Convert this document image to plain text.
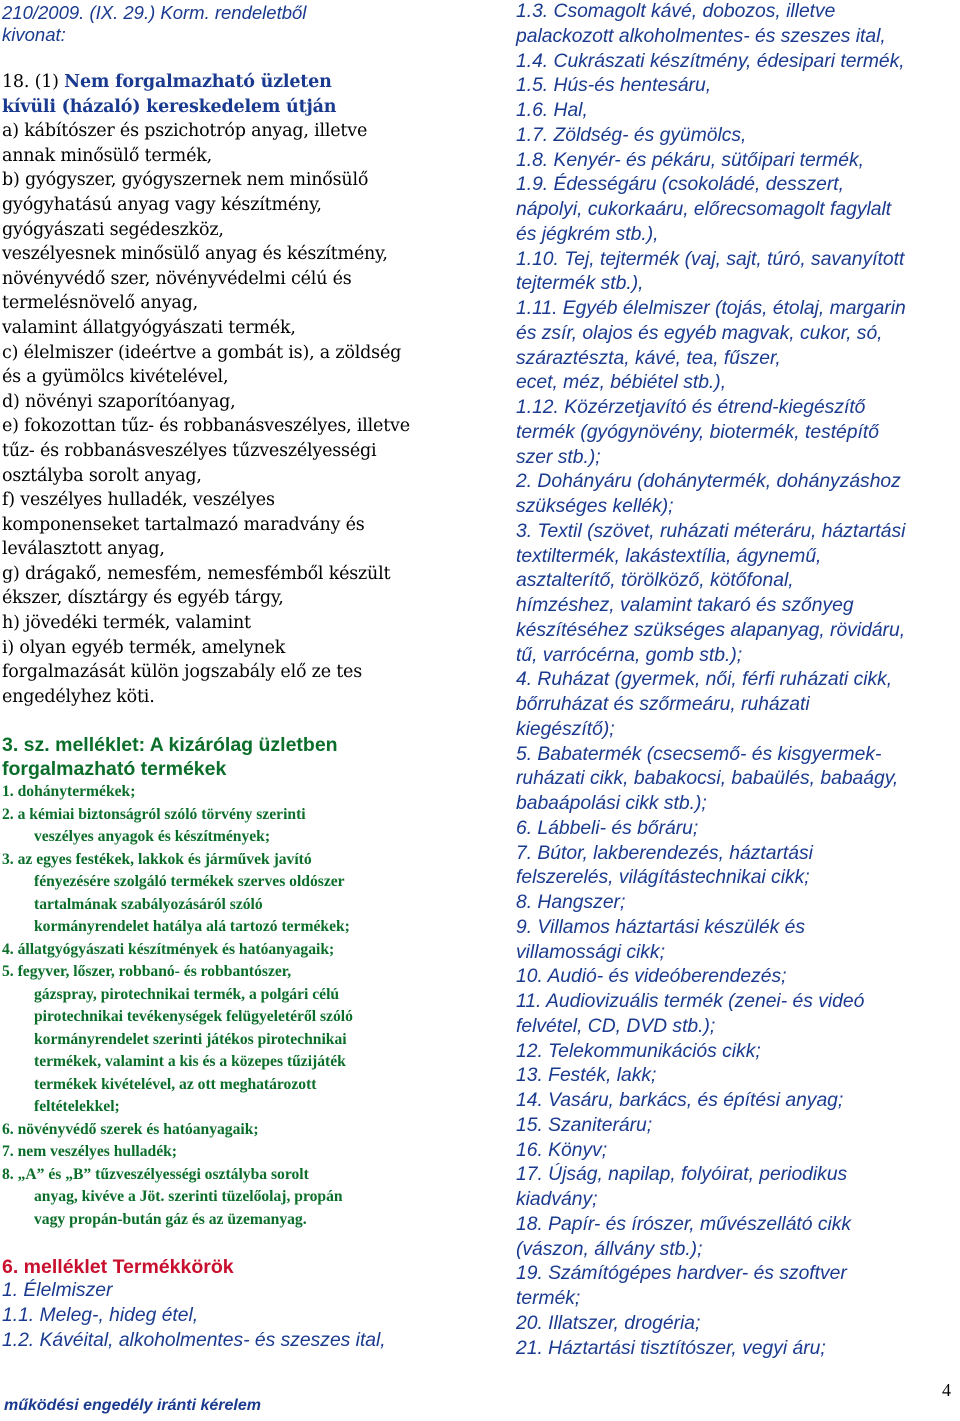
210/2009. (IX. 29.) Korm. rendeletből

kivonat:

18. (1) Nem forgalmazható üzleten
kívüli (házaló) kereskedelem útján
a) kábítószer és pszichotróp anyag, illetve
annak minősülő termék,
b) gyógyszer, gyógyszernek nem minősülő
gyógyhatású anyag vagy készítmény,
gyógyászati segédeszköz,
veszélyesnek minősülő anyag és készítmény,
növényvédő szer, növényvédelmi célú és
termelésnövelő anyag,
valamint állatgyógyászati termék,
c) élelmiszer (ideértve a gombát is), a zöldség
és a gyümölcs kivételével,
d) növényi szaporítóanyag,
e) fokozottan tűz- és robbanásveszélyes, illetve
tűz- és robbanásveszélyes tűzveszélyességi
osztályba sorolt anyag,
f) veszélyes hulladék, veszélyes
komponenseket tartalmazó maradvány és
leválasztott anyag,
g) drágakő, nemesfém, nemesfémből készült
ékszer, dísztárgy és egyéb tárgy,
h) jövedéki termék, valamint
i) olyan egyéb termék, amelynek
forgalmazását külön jogszabály elő ze tes
engedélyhez köti.

3. sz. melléklet: A kizárólag üzletben

forgalmazható termékek

1. dohánytermékek;
2. a kémiai biztonságról szóló törvény szerinti
veszélyes anyagok és készítmények;
3. az egyes festékek, lakkok és járművek javító
fényezésére szolgáló termékek szerves oldószer
tartalmának szabályozásáról szóló
kormányrendelet hatálya alá tartozó termékek;
4. állatgyógyászati készítmények és hatóanyagaik;
5. fegyver, lőszer, robbanó- és robbantószer,
gázspray, pirotechnikai termék, a polgári célú
pirotechnikai tevékenységek felügyeletéről szóló
kormányrendelet szerinti játékos pirotechnikai
termékek, valamint a kis és a közepes tűzijáték
termékek kivételével, az ott meghatározott
feltételekkel;
6. növényvédő szerek és hatóanyagaik;
7. nem veszélyes hulladék;
8. „A” és „B” tűzveszélyességi osztályba sorolt
anyag, kivéve a Jöt. szerinti tüzelőolaj, propán
vagy propán-bután gáz és az üzemanyag.

6. melléklet Termékkörök

1. Élelmiszer
1.1. Meleg-, hideg étel,
1.2. Kávéital, alkoholmentes- és szeszes ital,
1.3. Csomagolt kávé, dobozos, illetve
palackozott alkoholmentes- és szeszes ital,
1.4. Cukrászati készítmény, édesipari termék,
1.5. Hús-és hentesáru,
1.6. Hal,
1.7. Zöldség- és gyümölcs,
1.8. Kenyér- és pékáru, sütőipari termék,
1.9. Édességáru (csokoládé, desszert,
nápolyi, cukorkaáru, előrecsomagolt fagylalt
és jégkrém stb.),
1.10. Tej, tejtermék (vaj, sajt, túró, savanyított
tejtermék stb.),
1.11. Egyéb élelmiszer (tojás, étolaj, margarin
és zsír, olajos és egyéb magvak, cukor, só,
száraztészta, kávé, tea, fűszer,
ecet, méz, bébiétel stb.),
1.12. Közérzetjavító és étrend-kiegészítő
termék (gyógynövény, biotermék, testépítő
szer stb.);
2. Dohányáru (dohánytermék, dohányzáshoz
szükséges kellék);
3. Textil (szövet, ruházati méteráru, háztartási
textiltermék, lakástextília, ágynemű,
asztalterítő, törölköző, kötőfonal,
hímzéshez, valamint takaró és szőnyeg
készítéséhez szükséges alapanyag, rövidáru,
tű, varrócérna, gomb stb.);
4. Ruházat (gyermek, női, férfi ruházati cikk,
bőrruházat és szőrmeáru, ruházati
kiegészítő);
5. Babatermék (csecsemő- és kisgyermek-
ruházati cikk, babakocsi, babaülés, babaágy,
babaápolási cikk stb.);
6. Lábbeli- és bőráru;
7. Bútor, lakberendezés, háztartási
felszerelés, világítástechnikai cikk;
8. Hangszer;
9. Villamos háztartási készülék és
villamossági cikk;
10. Audió- és videóberendezés;
11. Audiovizuális termék (zenei- és videó
felvétel, CD, DVD stb.);
12. Telekommunikációs cikk;
13. Festék, lakk;
14. Vasáru, barkács, és építési anyag;
15. Szaniteráru;
16. Könyv;
17. Újság, napilap, folyóirat, periodikus
kiadvány;
18. Papír- és írószer, művészellátó cikk
(vászon, állvány stb.);
19. Számítógépes hardver- és szoftver
termék;
20. Illatszer, drogéria;
21. Háztartási tisztítószer, vegyi áru;
működési engedély iránti kérelem
4
